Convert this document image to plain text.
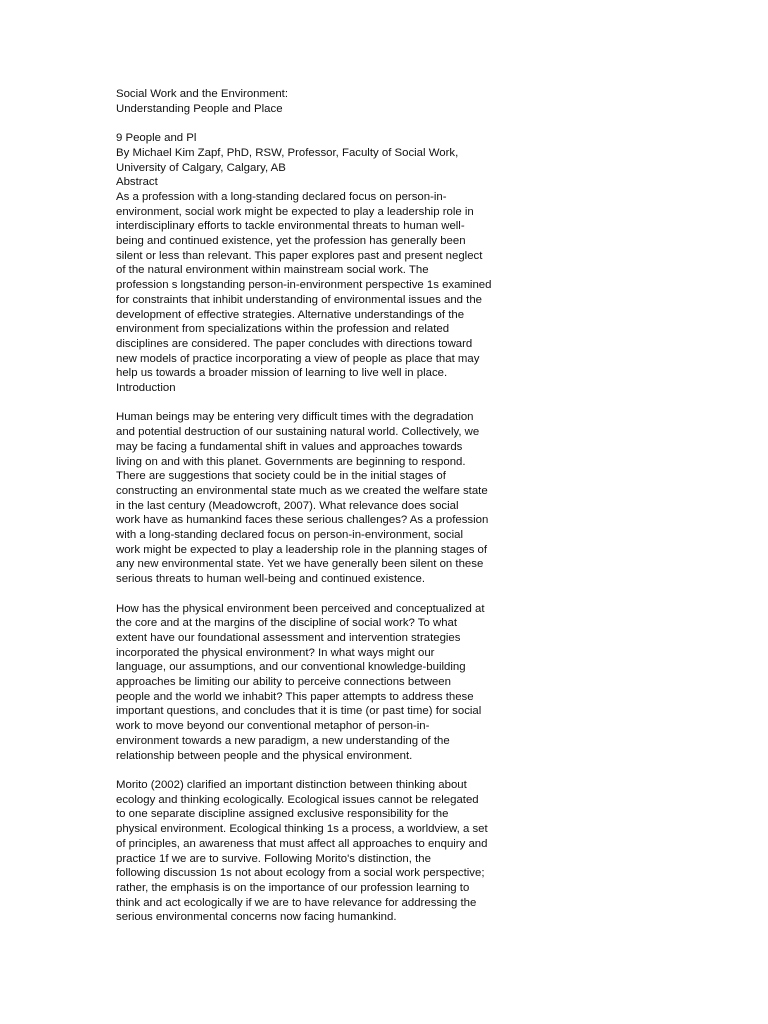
Social Work and the Environment:
Understanding People and Place
9 People and Pl
By Michael Kim Zapf, PhD, RSW, Professor, Faculty of Social Work,
University of Calgary, Calgary, AB
Abstract
As a profession with a long-standing declared focus on person-in-
environment, social work might be expected to play a leadership role in
interdisciplinary efforts to tackle environmental threats to human well-
being and continued existence, yet the profession has generally been
silent or less than relevant. This paper explores past and present neglect
of the natural environment within mainstream social work. The
profession s longstanding person-in-environment perspective 1s examined
for constraints that inhibit understanding of environmental issues and the
development of effective strategies. Alternative understandings of the
environment from specializations within the profession and related
disciplines are considered. The paper concludes with directions toward
new models of practice incorporating a view of people as place that may
help us towards a broader mission of learning to live well in place.
Introduction
Human beings may be entering very difficult times with the degradation
and potential destruction of our sustaining natural world. Collectively, we
may be facing a fundamental shift in values and approaches towards
living on and with this planet. Governments are beginning to respond.
There are suggestions that society could be in the initial stages of
constructing an environmental state much as we created the welfare state
in the last century (Meadowcroft, 2007). What relevance does social
work have as humankind faces these serious challenges? As a profession
with a long-standing declared focus on person-in-environment, social
work might be expected to play a leadership role in the planning stages of
any new environmental state. Yet we have generally been silent on these
serious threats to human well-being and continued existence.
How has the physical environment been perceived and conceptualized at
the core and at the margins of the discipline of social work? To what
extent have our foundational assessment and intervention strategies
incorporated the physical environment? In what ways might our
language, our assumptions, and our conventional knowledge-building
approaches be limiting our ability to perceive connections between
people and the world we inhabit? This paper attempts to address these
important questions, and concludes that it is time (or past time) for social
work to move beyond our conventional metaphor of person-in-
environment towards a new paradigm, a new understanding of the
relationship between people and the physical environment.
Morito (2002) clarified an important distinction between thinking about
ecology and thinking ecologically. Ecological issues cannot be relegated
to one separate discipline assigned exclusive responsibility for the
physical environment. Ecological thinking 1s a process, a worldview, a set
of principles, an awareness that must affect all approaches to enquiry and
practice 1f we are to survive. Following Morito's distinction, the
following discussion 1s not about ecology from a social work perspective;
rather, the emphasis is on the importance of our profession learning to
think and act ecologically if we are to have relevance for addressing the
serious environmental concerns now facing humankind.
